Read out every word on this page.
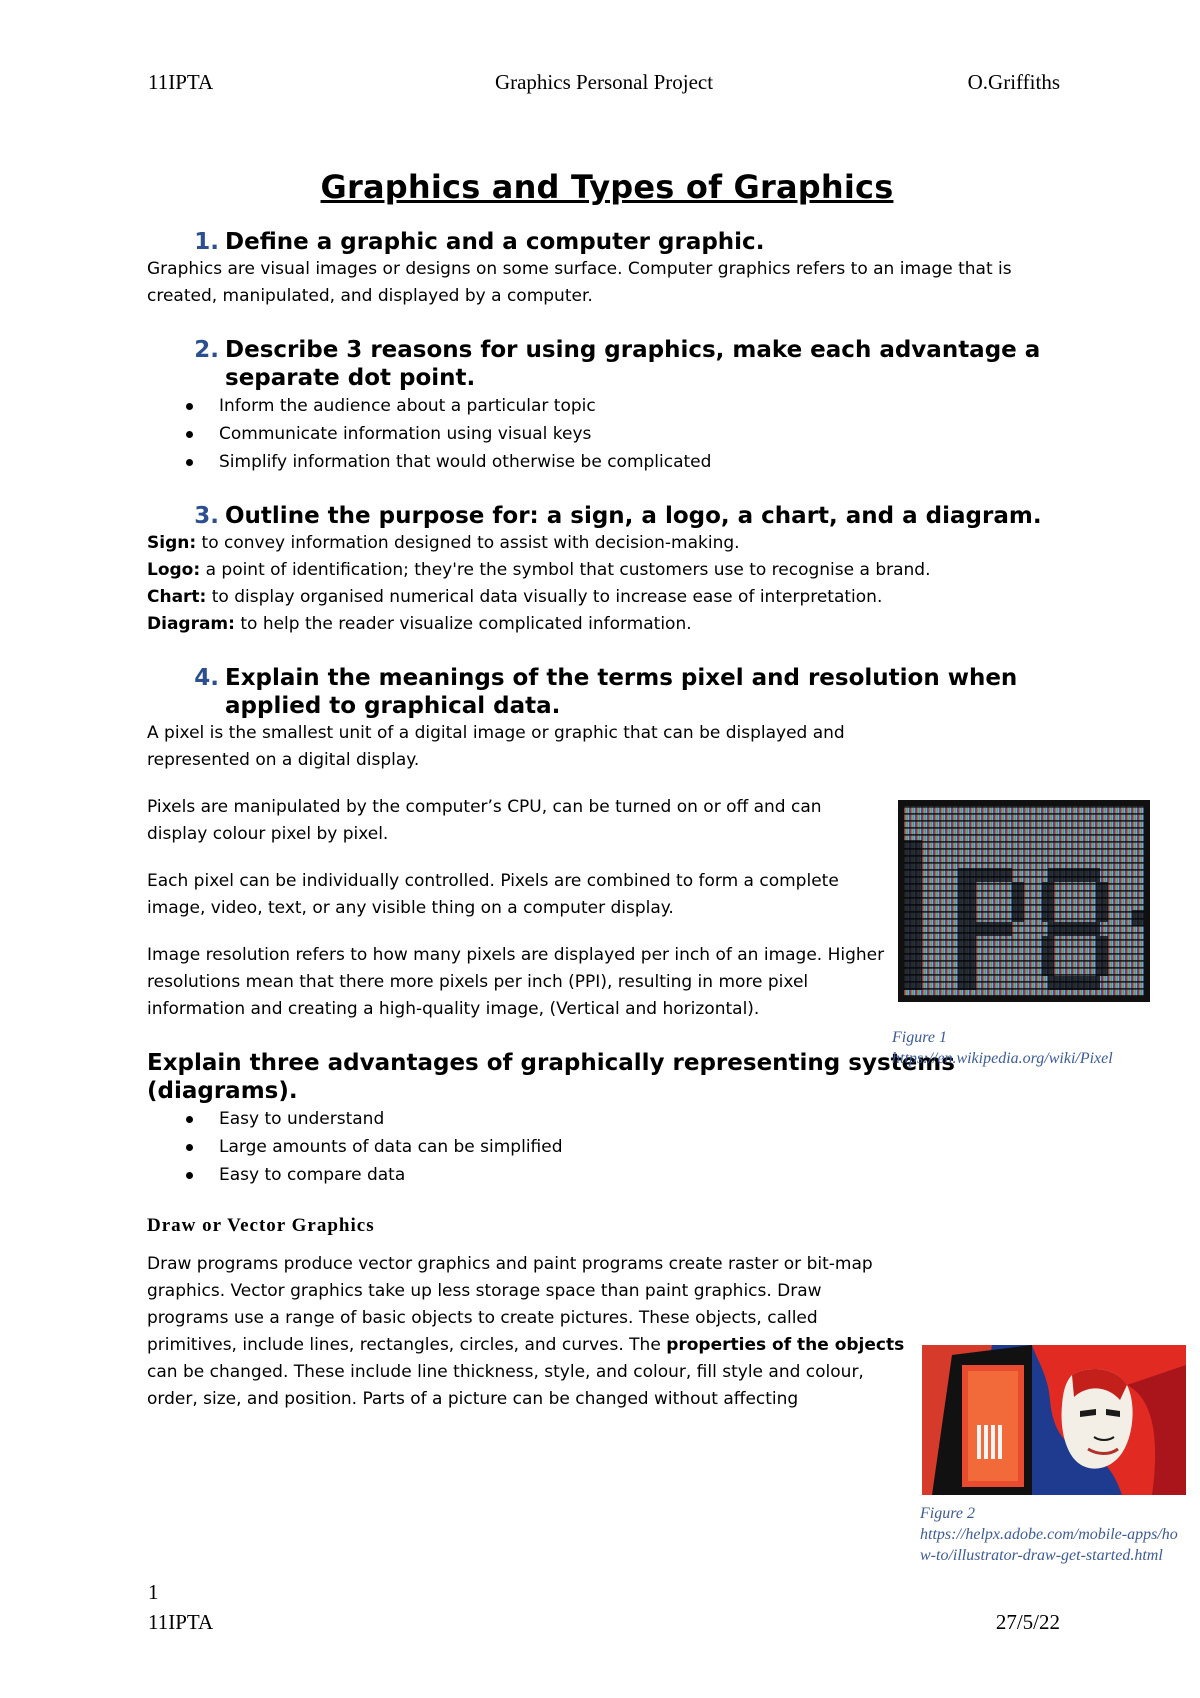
11IPTA	Graphics Personal Project	O.Griffiths
Graphics and Types of Graphics
1. Define a graphic and a computer graphic.

Graphics are visual images or designs on some surface. Computer graphics refers to an image that is created, manipulated, and displayed by a computer.

2. Describe 3 reasons for using graphics, make each advantage a separate dot point.
Inform the audience about a particular topic
Communicate information using visual keys
Simplify information that would otherwise be complicated
3. Outline the purpose for: a sign, a logo, a chart, and a diagram.

Sign: to convey information designed to assist with decision-making.

Logo: a point of identification; they're the symbol that customers use to recognise a brand.

Chart: to display organised numerical data visually to increase ease of interpretation.

Diagram: to help the reader visualize complicated information.

4. Explain the meanings of the terms pixel and resolution when applied to graphical data.

A pixel is the smallest unit of a digital image or graphic that can be displayed and represented on a digital display.

Pixels are manipulated by the computer’s CPU, can be turned on or off and can display colour pixel by pixel.

Each pixel can be individually controlled. Pixels are combined to form a complete image, video, text, or any visible thing on a computer display.

Image resolution refers to how many pixels are displayed per inch of an image. Higher resolutions mean that there more pixels per inch (PPI), resulting in more pixel information and creating a high-quality image, (Vertical and horizontal).

Explain three advantages of graphically representing systems (diagrams).
Easy to understand
Large amounts of data can be simplified
Easy to compare data
Draw or Vector Graphics

Draw programs produce vector graphics and paint programs create raster or bit-map graphics. Vector graphics take up less storage space than paint graphics. Draw programs use a range of basic objects to create pictures. These objects, called primitives, include lines, rectangles, circles, and curves. The properties of the objects can be changed. These include line thickness, style, and colour, fill style and colour, order, size, and position. Parts of a picture can be changed without affecting

Figure 1
https://en.wikipedia.org/wiki/Pixel
Figure 2
https://helpx.adobe.com/mobile-apps/how-to/illustrator-draw-get-started.html
1
11IPTA	27/5/22
